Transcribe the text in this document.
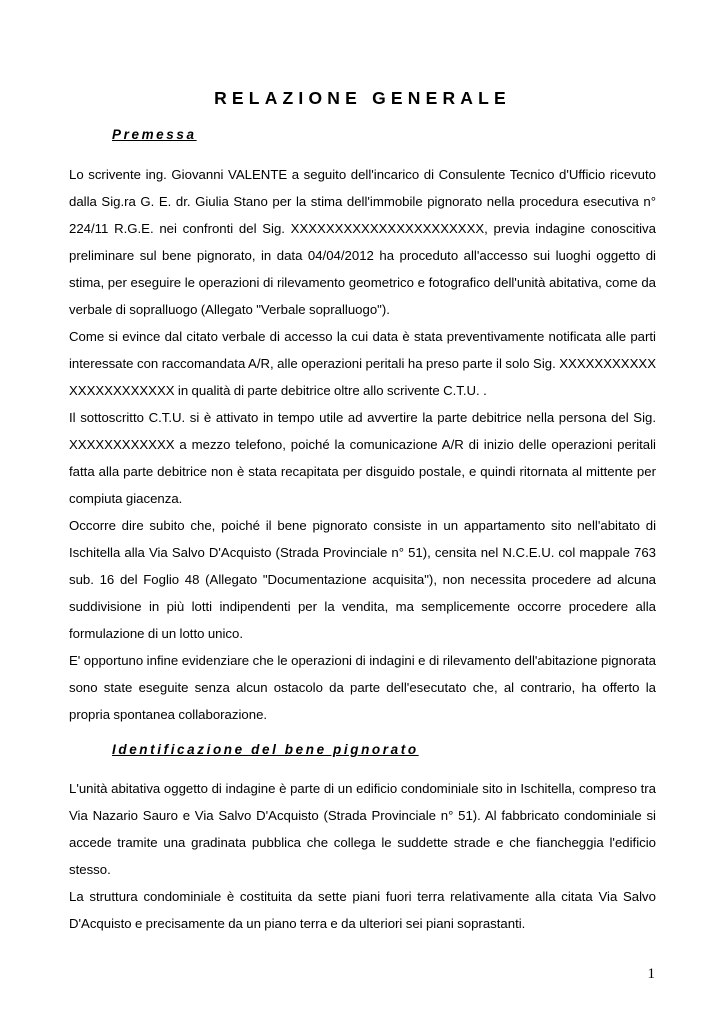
RELAZIONE GENERALE
Premessa

Lo scrivente ing. Giovanni VALENTE a seguito dell'incarico di Consulente Tecnico d'Ufficio ricevuto dalla Sig.ra G. E. dr. Giulia Stano per la stima dell'immobile pignorato nella procedura esecutiva n° 224/11 R.G.E. nei confronti del Sig. XXXXXXXXXXXXXXXXXXXXXX, previa indagine conoscitiva preliminare sul bene pignorato, in data 04/04/2012 ha proceduto all'accesso sui luoghi oggetto di stima, per eseguire le operazioni di rilevamento geometrico e fotografico dell'unità abitativa, come da verbale di sopralluogo (Allegato "Verbale sopralluogo").

Come si evince dal citato verbale di accesso la cui data è stata preventivamente notificata alle parti interessate con raccomandata A/R, alle operazioni peritali ha preso parte il solo Sig. XXXXXXXXXXX XXXXXXXXXXXX in qualità di parte debitrice oltre allo scrivente C.T.U. .

Il sottoscritto C.T.U. si è attivato in tempo utile ad avvertire la parte debitrice nella persona del Sig. XXXXXXXXXXXX a mezzo telefono, poiché la comunicazione A/R di inizio delle operazioni peritali fatta alla parte debitrice non è stata recapitata per disguido postale, e quindi ritornata al mittente per compiuta giacenza.

Occorre dire subito che, poiché il bene pignorato consiste in un appartamento sito nell'abitato di Ischitella alla Via Salvo D'Acquisto (Strada Provinciale n° 51), censita nel N.C.E.U. col mappale 763 sub. 16 del Foglio 48 (Allegato "Documentazione acquisita"), non necessita procedere ad alcuna suddivisione in più lotti indipendenti per la vendita, ma semplicemente occorre procedere alla formulazione di un lotto unico.

E' opportuno infine evidenziare che le operazioni di indagini e di rilevamento dell'abitazione pignorata sono state eseguite senza alcun ostacolo da parte dell'esecutato che, al contrario, ha offerto la propria spontanea collaborazione.

Identificazione del bene pignorato

L'unità abitativa oggetto di indagine è parte di un edificio condominiale sito in Ischitella, compreso tra Via Nazario Sauro e Via Salvo D'Acquisto (Strada Provinciale n° 51). Al fabbricato condominiale si accede tramite una gradinata pubblica che collega le suddette strade e che fiancheggia l'edificio stesso.

La struttura condominiale è costituita da sette piani fuori terra relativamente alla citata Via Salvo D'Acquisto e precisamente da un piano terra e da ulteriori sei piani soprastanti.

1
